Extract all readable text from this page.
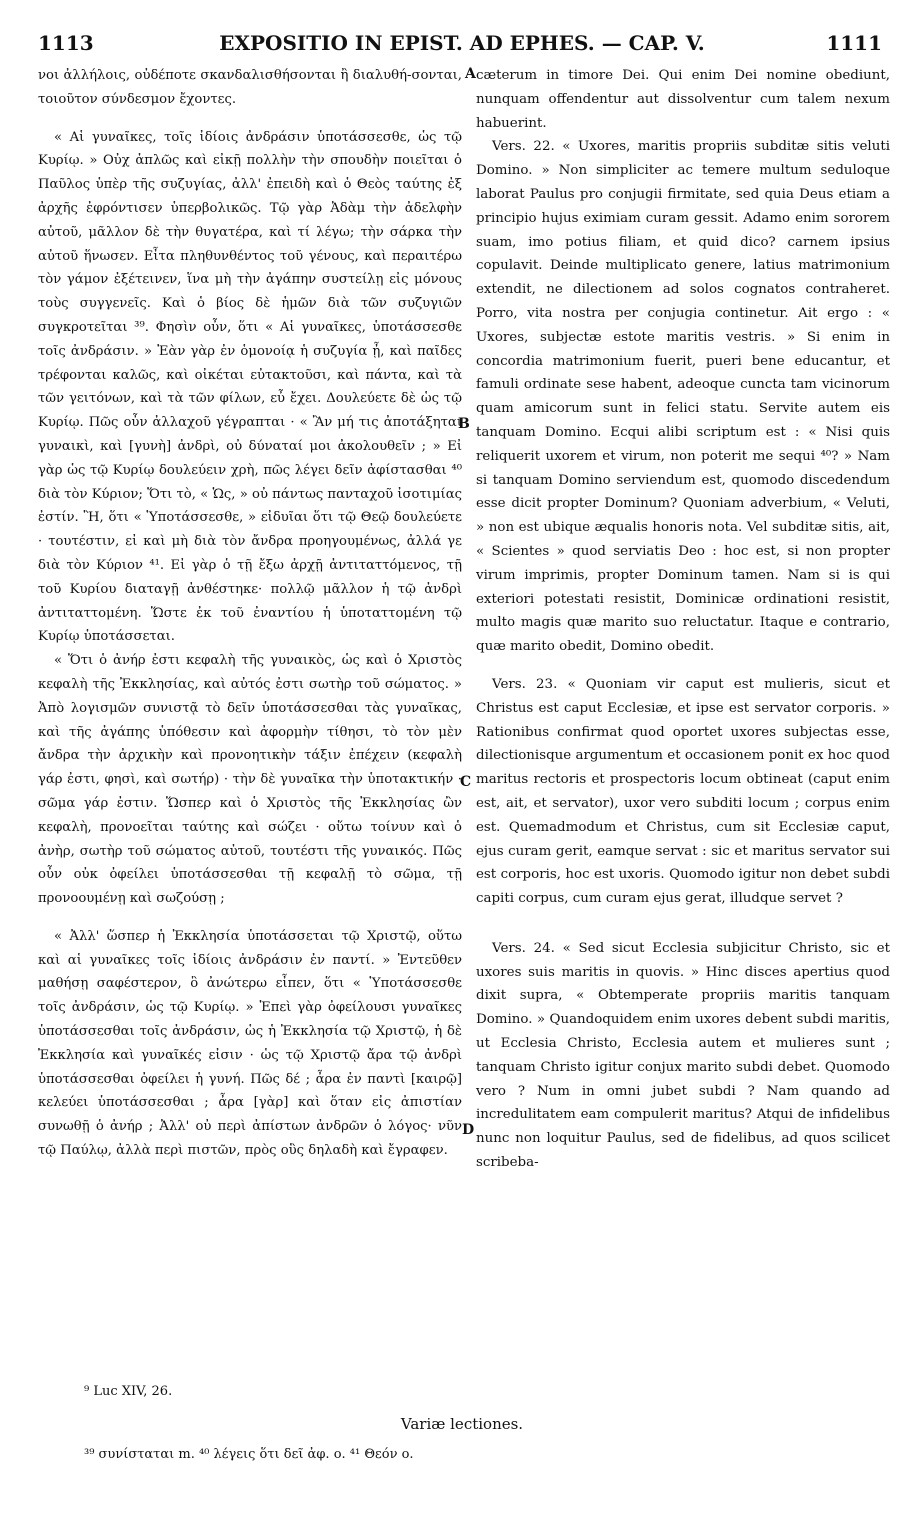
1113	EXPOSITIO IN EPIST. AD EPHES. — CAP. V.	1111

νοι ἀλλήλοις, οὐδέποτε σκανδαλισθήσονται ἢ διαλυθή-σονται, τοιοῦτον σύνδεσμον ἔχοντες.

« Αἱ γυναῖκες, τοῖς ἰδίοις ἀνδράσιν ὑποτάσσεσθε, ὡς τῷ Κυρίῳ. » Οὐχ ἁπλῶς καὶ εἰκῇ πολλὴν τὴν σπουδὴν ποιεῖται ὁ Παῦλος ὑπὲρ τῆς συζυγίας, ἀλλ' ἐπειδὴ καὶ ὁ Θεὸς ταύτης ἐξ ἀρχῆς ἐφρόντισεν ὑπερβολικῶς. Τῷ γὰρ Ἀδὰμ τὴν ἀδελφὴν αὐτοῦ, μᾶλλον δὲ τὴν θυγατέρα, καὶ τί λέγω; τὴν σάρκα τὴν αὐτοῦ ἥνωσεν. Εἶτα πληθυνθέντος τοῦ γένους, καὶ περαιτέρω τὸν γάμον ἐξέτεινεν, ἵνα μὴ τὴν ἀγάπην συστείλῃ εἰς μόνους τοὺς συγγενεῖς. Καὶ ὁ βίος δὲ ἡμῶν διὰ τῶν συζυγιῶν συγκροτεῖται ³⁹. Φησὶν οὖν, ὅτι « Αἱ γυναῖκες, ὑποτάσσεσθε τοῖς ἀνδράσιν. » Ἐὰν γὰρ ἐν ὁμονοίᾳ ἡ συζυγία ᾖ, καὶ παῖδες τρέφονται καλῶς, καὶ οἰκέται εὐτακτοῦσι, καὶ πάντα, καὶ τὰ τῶν γειτόνων, καὶ τὰ τῶν φίλων, εὖ ἔχει. Δουλεύετε δὲ ὡς τῷ Κυρίῳ. Πῶς οὖν ἀλλαχοῦ γέγραπται · « Ἂν μή τις ἀποτάξηται γυναικὶ, καὶ [γυνὴ] ἀνδρὶ, οὐ δύναταί μοι ἀκολουθεῖν ; » Εἰ γὰρ ὡς τῷ Κυρίῳ δουλεύειν χρὴ, πῶς λέγει δεῖν ἀφίστασθαι ⁴⁰ διὰ τὸν Κύριον; Ὅτι τὸ, « Ὡς, » οὐ πάντως πανταχοῦ ἰσοτιμίας ἐστίν. Ἢ, ὅτι « Ὑποτάσσεσθε, » εἰδυῖαι ὅτι τῷ Θεῷ δουλεύετε · τουτέστιν, εἰ καὶ μὴ διὰ τὸν ἄνδρα προηγουμένως, ἀλλά γε διὰ τὸν Κύριον ⁴¹. Εἰ γὰρ ὁ τῇ ἔξω ἀρχῇ ἀντιταττόμενος, τῇ τοῦ Κυρίου διαταγῇ ἀνθέστηκε· πολλῷ μᾶλλον ἡ τῷ ἀνδρὶ ἀντιταττομένη. Ὥστε ἐκ τοῦ ἐναντίου ἡ ὑποταττομένη τῷ Κυρίῳ ὑποτάσσεται.

« Ὅτι ὁ ἀνήρ ἐστι κεφαλὴ τῆς γυναικὸς, ὡς καὶ ὁ Χριστὸς κεφαλὴ τῆς Ἐκκλησίας, καὶ αὐτός ἐστι σωτὴρ τοῦ σώματος. » Ἀπὸ λογισμῶν συνιστᾷ τὸ δεῖν ὑποτάσσεσθαι τὰς γυναῖκας, καὶ τῆς ἀγάπης ὑπόθεσιν καὶ ἀφορμὴν τίθησι, τὸ τὸν μὲν ἄνδρα τὴν ἀρχικὴν καὶ προνοητικὴν τάξιν ἐπέχειν (κεφαλὴ γάρ ἐστι, φησὶ, καὶ σωτήρ) · τὴν δὲ γυναῖκα τὴν ὑποτακτικήν · σῶμα γάρ ἐστιν. Ὥσπερ καὶ ὁ Χριστὸς τῆς Ἐκκλησίας ὢν κεφαλὴ, προνοεῖται ταύτης καὶ σώζει · οὕτω τοίνυν καὶ ὁ ἀνὴρ, σωτὴρ τοῦ σώματος αὐτοῦ, τουτέστι τῆς γυναικός. Πῶς οὖν οὐκ ὀφείλει ὑποτάσσεσθαι τῇ κεφαλῇ τὸ σῶμα, τῇ προνοουμένῃ καὶ σωζούσῃ ;

« Ἀλλ' ὥσπερ ἡ Ἐκκλησία ὑποτάσσεται τῷ Χριστῷ, οὕτω καὶ αἱ γυναῖκες τοῖς ἰδίοις ἀνδράσιν ἐν παντί. » Ἐντεῦθεν μαθήσῃ σαφέστερον, ὃ ἀνώτερω εἶπεν, ὅτι « Ὑποτάσσεσθε τοῖς ἀνδράσιν, ὡς τῷ Κυρίῳ. » Ἐπεὶ γὰρ ὀφείλουσι γυναῖκες ὑποτάσσεσθαι τοῖς ἀνδράσιν, ὡς ἡ Ἐκκλησία τῷ Χριστῷ, ἡ δὲ Ἐκκλησία καὶ γυναῖκές εἰσιν · ὡς τῷ Χριστῷ ἄρα τῷ ἀνδρὶ ὑποτάσσεσθαι ὀφείλει ἡ γυνή. Πῶς δέ ; ἆρα ἐν παντὶ [καιρῷ] κελεύει ὑποτάσσεσθαι ; ἆρα [γὰρ] καὶ ὅταν εἰς ἀπιστίαν συνωθῇ ὁ ἀνήρ ; Ἀλλ' οὐ περὶ ἀπίστων ἀνδρῶν ὁ λόγος· νῦν τῷ Παύλῳ, ἀλλὰ περὶ πιστῶν, πρὸς οὓς δηλαδὴ καὶ ἔγραφεν.

cæterum in timore Dei. Qui enim Dei nomine obediunt, nunquam offendentur aut dissolventur cum talem nexum habuerint.

Vers. 22. « Uxores, maritis propriis subditæ sitis veluti Domino. » Non simpliciter ac temere multum seduloque laborat Paulus pro conjugii firmitate, sed quia Deus etiam a principio hujus eximiam curam gessit. Adamo enim sororem suam, imo potius filiam, et quid dico? carnem ipsius copulavit. Deinde multiplicato genere, latius matrimonium extendit, ne dilectionem ad solos cognatos contraheret. Porro, vita nostra per conjugia continetur. Ait ergo : « Uxores, subjectæ estote maritis vestris. » Si enim in concordia matrimonium fuerit, pueri bene educantur, et famuli ordinate sese habent, adeoque cuncta tam vicinorum quam amicorum sunt in felici statu. Servite autem eis tanquam Domino. Ecqui alibi scriptum est : « Nisi quis reliquerit uxorem et virum, non poterit me sequi ⁴⁰? » Nam si tanquam Domino serviendum est, quomodo discedendum esse dicit propter Dominum? Quoniam adverbium, « Veluti, » non est ubique æqualis honoris nota. Vel subditæ sitis, ait, « Scientes » quod serviatis Deo : hoc est, si non propter virum imprimis, propter Dominum tamen. Nam si is qui exteriori potestati resistit, Dominicæ ordinationi resistit, multo magis quæ marito suo reluctatur. Itaque e contrario, quæ marito obedit, Domino obedit.

Vers. 23. « Quoniam vir caput est mulieris, sicut et Christus est caput Ecclesiæ, et ipse est servator corporis. » Rationibus confirmat quod oportet uxores subjectas esse, dilectionisque argumentum et occasionem ponit ex hoc quod maritus rectoris et prospectoris locum obtineat (caput enim est, ait, et servator), uxor vero subditi locum ; corpus enim est. Quemadmodum et Christus, cum sit Ecclesiæ caput, ejus curam gerit, eamque servat : sic et maritus servator sui est corporis, hoc est uxoris. Quomodo igitur non debet subdi capiti corpus, cum curam ejus gerat, illudque servet ?

Vers. 24. « Sed sicut Ecclesia subjicitur Christo, sic et uxores suis maritis in quovis. » Hinc disces apertius quod dixit supra, « Obtemperate propriis maritis tanquam Domino. » Quandoquidem enim uxores debent subdi maritis, ut Ecclesia Christo, Ecclesia autem et mulieres sunt ; tanquam Christo igitur conjux marito subdi debet. Quomodo vero ? Num in omni jubet subdi ? Nam quando ad incredulitatem eam compulerit maritus? Atqui de infidelibus nunc non loquitur Paulus, sed de fidelibus, ad quos scilicet scribeba-

A
B
C
D
⁹ Luc XIV, 26.
Variæ lectiones.
³⁹ συνίσταται m. ⁴⁰ λέγεις ὅτι δεῖ ἀφ. ο. ⁴¹ Θεόν ο.
